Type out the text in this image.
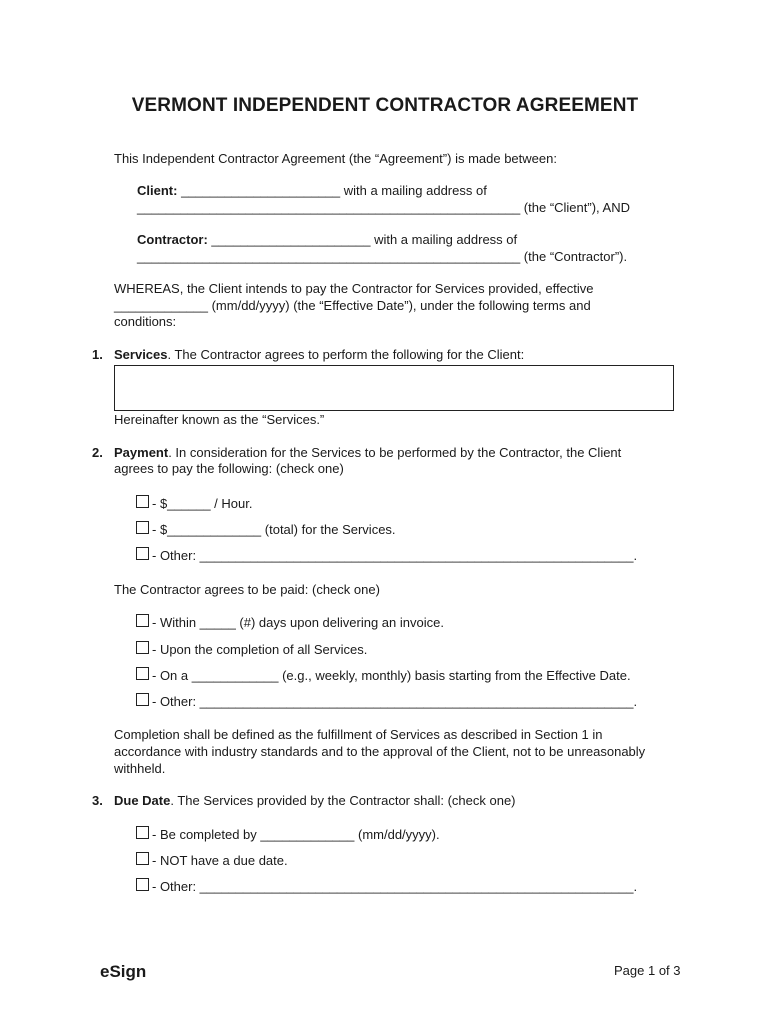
VERMONT INDEPENDENT CONTRACTOR AGREEMENT
This Independent Contractor Agreement (the “Agreement”) is made between:
Client: ______________________ with a mailing address of
_____________________________________________________ (the “Client”), AND
Contractor: ______________________ with a mailing address of
_____________________________________________________ (the “Contractor”).
WHEREAS, the Client intends to pay the Contractor for Services provided, effective
_____________ (mm/dd/yyyy) (the “Effective Date”), under the following terms and
conditions:
1. Services. The Contractor agrees to perform the following for the Client:
Hereinafter known as the “Services.”
2. Payment. In consideration for the Services to be performed by the Contractor, the Client
agrees to pay the following: (check one)
- $______ / Hour.
- $_____________ (total) for the Services.
- Other: ____________________________________________________________.
The Contractor agrees to be paid: (check one)
- Within _____ (#) days upon delivering an invoice.
- Upon the completion of all Services.
- On a ____________ (e.g., weekly, monthly) basis starting from the Effective Date.
- Other: ____________________________________________________________.
Completion shall be defined as the fulfillment of Services as described in Section 1 in
accordance with industry standards and to the approval of the Client, not to be unreasonably
withheld.
3. Due Date. The Services provided by the Contractor shall: (check one)
- Be completed by _____________ (mm/dd/yyyy).
- NOT have a due date.
- Other: ____________________________________________________________.
eSign	Page 1 of 3
